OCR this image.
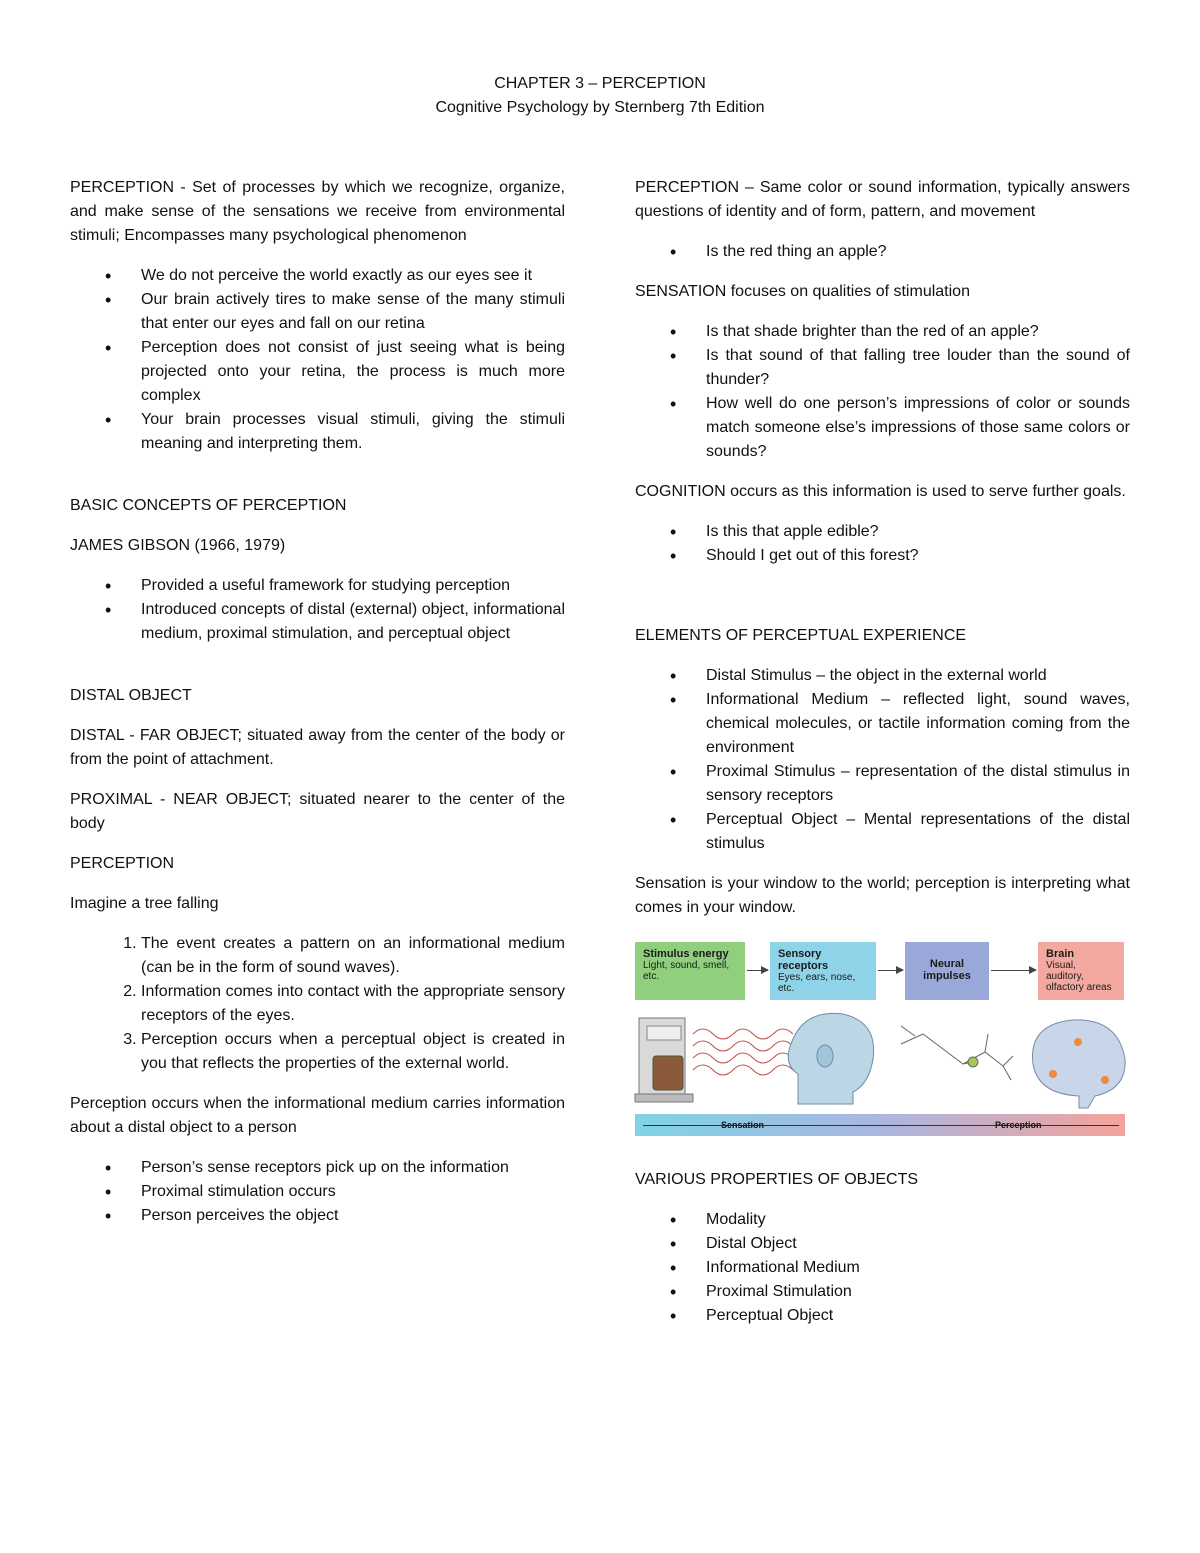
CHAPTER 3 – PERCEPTION
Cognitive Psychology by Sternberg 7th Edition

PERCEPTION - Set of processes by which we recognize, organize, and make sense of the sensations we receive from environmental stimuli; Encompasses many psychological phenomenon

• We do not perceive the world exactly as our eyes see it
• Our brain actively tires to make sense of the many stimuli that enter our eyes and fall on our retina
• Perception does not consist of just seeing what is being projected onto your retina, the process is much more complex
• Your brain processes visual stimuli, giving the stimuli meaning and interpreting them.

BASIC CONCEPTS OF PERCEPTION

JAMES GIBSON (1966, 1979)

• Provided a useful framework for studying perception
• Introduced concepts of distal (external) object, informational medium, proximal stimulation, and perceptual object

DISTAL OBJECT

DISTAL - FAR OBJECT; situated away from the center of the body or from the point of attachment.

PROXIMAL - NEAR OBJECT; situated nearer to the center of the body

PERCEPTION

Imagine a tree falling

1. The event creates a pattern on an informational medium (can be in the form of sound waves).
2. Information comes into contact with the appropriate sensory receptors of the eyes.
3. Perception occurs when a perceptual object is created in you that reflects the properties of the external world.

Perception occurs when the informational medium carries information about a distal object to a person

• Person’s sense receptors pick up on the information
• Proximal stimulation occurs
• Person perceives the object

PERCEPTION – Same color or sound information, typically answers questions of identity and of form, pattern, and movement

• Is the red thing an apple?

SENSATION focuses on qualities of stimulation

• Is that shade brighter than the red of an apple?
• Is that sound of that falling tree louder than the sound of thunder?
• How well do one person’s impressions of color or sounds match someone else’s impressions of those same colors or sounds?

COGNITION occurs as this information is used to serve further goals.

• Is this that apple edible?
• Should I get out of this forest?

ELEMENTS OF PERCEPTUAL EXPERIENCE

• Distal Stimulus – the object in the external world
• Informational Medium – reflected light, sound waves, chemical molecules, or tactile information coming from the environment
• Proximal Stimulus – representation of the distal stimulus in sensory receptors
• Perceptual Object – Mental representations of the distal stimulus

Sensation is your window to the world; perception is interpreting what comes in your window.

Stimulus energy
Light, sound, smell, etc.
Sensory receptors
Eyes, ears, nose, etc.
Neural impulses
Brain
Visual, auditory, olfactory areas
Sensation	Perception

VARIOUS PROPERTIES OF OBJECTS

• Modality
• Distal Object
• Informational Medium
• Proximal Stimulation
• Perceptual Object
